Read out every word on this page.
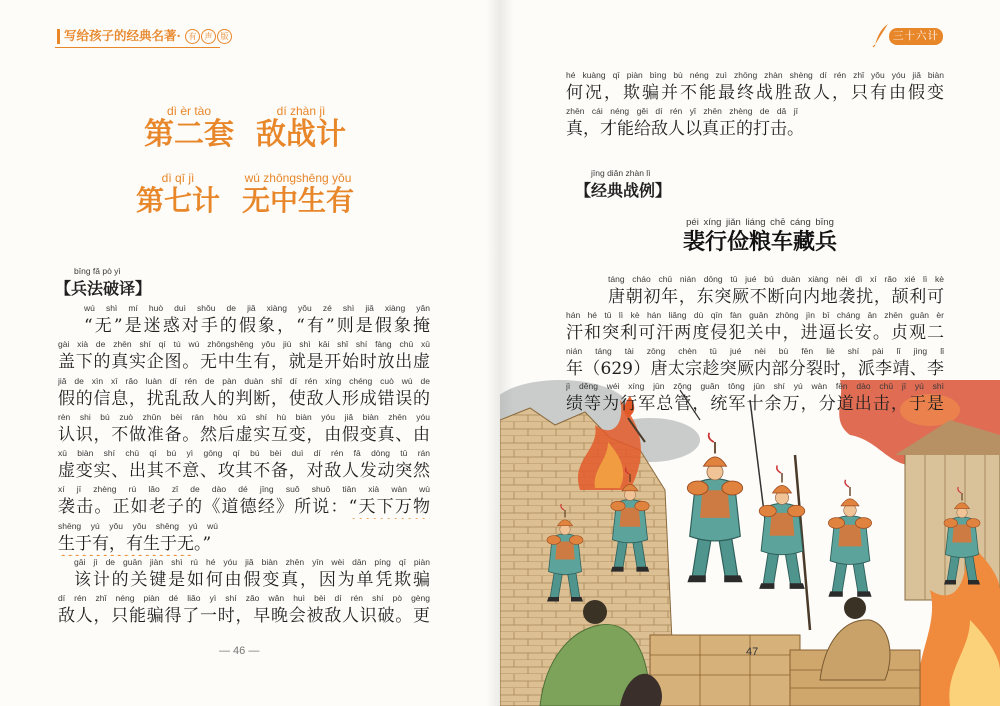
写给孩子的经典名著· 有	声	版	三十六计
dì èr tào
第二套
dí zhàn jì
敌战计
dì qī jì
第七计
wú zhōngshēng yǒu
无中生有
bīng fǎ pò yì
【兵法破译】
wú shì mí huò duì shǒu de jiǎ xiàng yǒu zé shì jiǎ xiàng yǎn
“无”是迷惑对手的假象，“有”则是假象掩
gài xià de zhēn shí qí tú wú zhōngshēng yǒu jiù shì kāi shǐ shí fàng chū xū
盖下的真实企图。无中生有，就是开始时放出虚
jiǎ de xìn xī rǎo luàn dí rén de pàn duàn shǐ dí rén xíng chéng cuò wù de
假的信息，扰乱敌人的判断，使敌人形成错误的
rèn shi bú zuò zhǔn bèi rán hòu xū shí hù biàn yóu jiǎ biàn zhēn yóu
认识，不做准备。然后虚实互变，由假变真、由
xū biàn shí chū qí bú yì gōng qí bú bèi duì dí rén fā dòng tū rán
虚变实、出其不意、攻其不备，对敌人发动突然
xí jī zhèng rú lǎo zǐ de dào dé jīng suǒ shuō tiān xià wàn wù
袭击。正如老子的《道德经》所说：“天下万物
shēng yú yǒu yǒu shēng yú wú
生于有，有生于无。”
gāi jì de guān jiàn shì rú hé yóu jiǎ biàn zhēn yīn wèi dān píng qī piàn
该计的关键是如何由假变真，因为单凭欺骗
dí rén zhǐ néng piàn dé liǎo yì shí zǎo wǎn huì bèi dí rén shí pò gèng
敌人，只能骗得了一时，早晚会被敌人识破。更
— 46 —
hé kuàng qī piàn bìng bù néng zuì zhōng zhàn shèng dí rén zhǐ yǒu yóu jiǎ biàn
何况，欺骗并不能最终战胜敌人，只有由假变
zhēn cái néng gěi dí rén yǐ zhēn zhèng de dǎ jī
真，才能给敌人以真正的打击。
jīng diǎn zhàn lì
【经典战例】
péi xíng jiǎn liáng chē cáng bīng
裴行俭粮车藏兵
táng cháo chū nián dōng tū jué bú duàn xiàng nèi dì xí rǎo xié lì kè
唐朝初年，东突厥不断向内地袭扰，颉利可
hán hé tū lì kè hán liǎng dù qīn fàn guān zhōng jìn bī cháng ān zhēn guān èr
汗和突利可汗两度侵犯关中，进逼长安。贞观二
nián táng tài zōng chèn tū jué nèi bù fēn liè shí pài lǐ jìng lǐ
年（629）唐太宗趁突厥内部分裂时，派李靖、李
jì děng wéi xíng jūn zǒng guǎn tǒng jūn shí yú wàn fēn dào chū jī yú shì
绩等为行军总管，统军十余万，分道出击，于是
47
